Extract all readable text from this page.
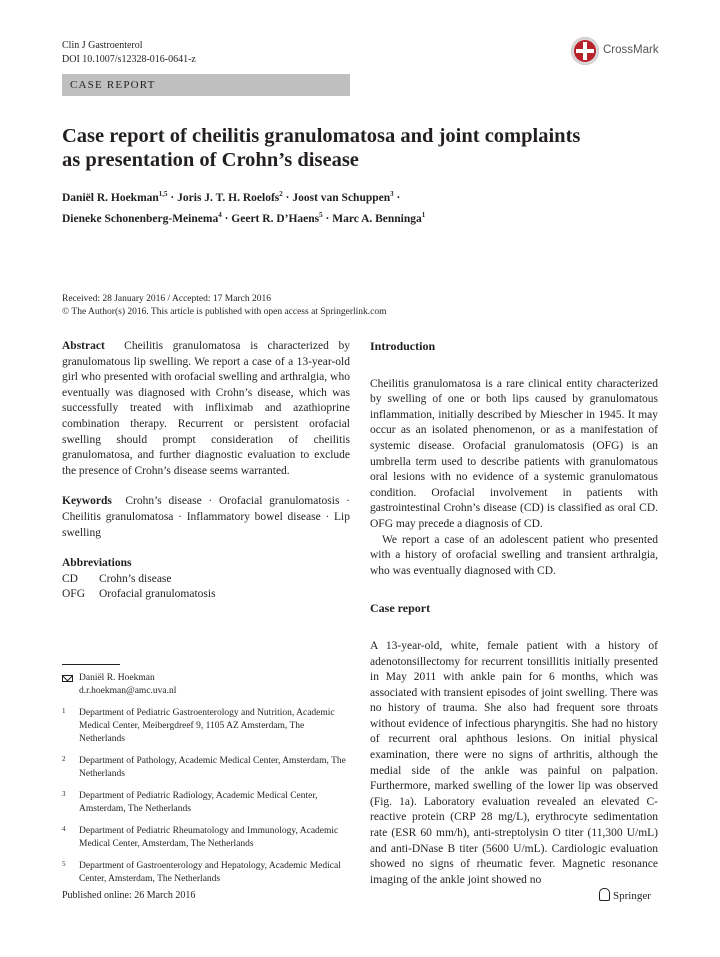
Clin J Gastroenterol
DOI 10.1007/s12328-016-0641-z
CrossMark
CASE REPORT
Case report of cheilitis granulomatosa and joint complaints
as presentation of Crohn’s disease
Daniël R. Hoekman$^{1,5}$ · Joris J. T. H. Roelofs$^2$ · Joost van Schuppen$^3$ ·
Dieneke Schonenberg-Meinema$^4$ · Geert R. D’Haens$^5$ · Marc A. Benninga$^1$
Received: 28 January 2016 / Accepted: 17 March 2016
© The Author(s) 2016. This article is published with open access at Springerlink.com

Abstract Cheilitis granulomatosa is characterized by granulomatous lip swelling. We report a case of a 13-year-old girl who presented with orofacial swelling and arthralgia, who eventually was diagnosed with Crohn’s disease, which was successfully treated with infliximab and azathioprine combination therapy. Recurrent or persistent orofacial swelling should prompt consideration of cheilitis granulomatosa, and further diagnostic evaluation to exclude the presence of Crohn’s disease seems warranted.

Keywords Crohn’s disease · Orofacial granulomatosis · Cheilitis granulomatosa · Inflammatory bowel disease · Lip swelling

Abbreviations
CD	Crohn’s disease
OFG	Orofacial granulomatosis
Daniël R. Hoekman
d.r.hoekman@amc.uva.nl
1	Department of Pediatric Gastroenterology and Nutrition, Academic Medical Center, Meibergdreef 9, 1105 AZ Amsterdam, The Netherlands
2	Department of Pathology, Academic Medical Center, Amsterdam, The Netherlands
3	Department of Pediatric Radiology, Academic Medical Center, Amsterdam, The Netherlands
4	Department of Pediatric Rheumatology and Immunology, Academic Medical Center, Amsterdam, The Netherlands
5	Department of Gastroenterology and Hepatology, Academic Medical Center, Amsterdam, The Netherlands
Introduction

Cheilitis granulomatosa is a rare clinical entity characterized by swelling of one or both lips caused by granulomatous inflammation, initially described by Miescher in 1945. It may occur as an isolated phenomenon, or as a manifestation of systemic disease. Orofacial granulomatosis (OFG) is an umbrella term used to describe patients with granulomatous oral lesions with no evidence of a systemic granulomatous condition. Orofacial involvement in patients with gastrointestinal Crohn’s disease (CD) is classified as oral CD. OFG may precede a diagnosis of CD.

We report a case of an adolescent patient who presented with a history of orofacial swelling and transient arthralgia, who was eventually diagnosed with CD.

Case report

A 13-year-old, white, female patient with a history of adenotonsillectomy for recurrent tonsillitis initially presented in May 2011 with ankle pain for 6 months, which was associated with transient episodes of joint swelling. There was no history of trauma. She also had frequent sore throats without evidence of infectious pharyngitis. She had no history of recurrent oral aphthous lesions. On initial physical examination, there were no signs of arthritis, although the medial side of the ankle was painful on palpation. Furthermore, marked swelling of the lower lip was observed (Fig. 1a). Laboratory evaluation revealed an elevated C-reactive protein (CRP 28 mg/L), erythrocyte sedimentation rate (ESR 60 mm/h), anti-streptolysin O titer (11,300 U/mL) and anti-DNase B titer (5600 U/mL). Cardiologic evaluation showed no signs of rheumatic fever. Magnetic resonance imaging of the ankle joint showed no

Published online: 26 March 2016	Springer
